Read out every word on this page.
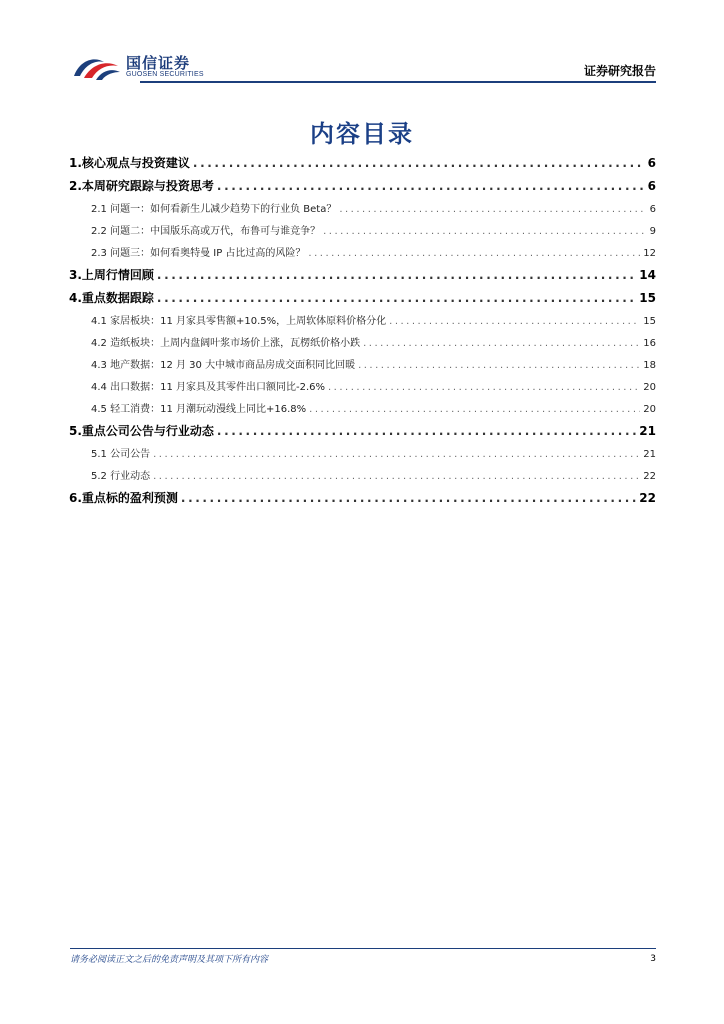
国信证券
GUOSEN SECURITIES	证券研究报告
内容目录
1.核心观点与投资建议 .....	6
2.本周研究跟踪与投资思考 .....	6
2.1 问题一：如何看新生儿减少趋势下的行业负 Beta？ .....	6
2.2 问题二：中国版乐高或万代，布鲁可与谁竞争？ .....	9
2.3 问题三：如何看奥特曼 IP 占比过高的风险？ .....	12
3.上周行情回顾 .....	14
4.重点数据跟踪 .....	15
4.1 家居板块：11 月家具零售额+10.5%，上周软体原料价格分化 .....	15
4.2 造纸板块：上周内盘阔叶浆市场价上涨，瓦楞纸价格小跌 .....	16
4.3 地产数据：12 月 30 大中城市商品房成交面积同比回暖 .....	18
4.4 出口数据：11 月家具及其零件出口额同比-2.6% .....	20
4.5 轻工消费：11 月潮玩动漫线上同比+16.8% .....	20
5.重点公司公告与行业动态 .....	21
5.1 公司公告 .....	21
5.2 行业动态 .....	22
6.重点标的盈利预测 .....	22
请务必阅读正文之后的免责声明及其项下所有内容	3
